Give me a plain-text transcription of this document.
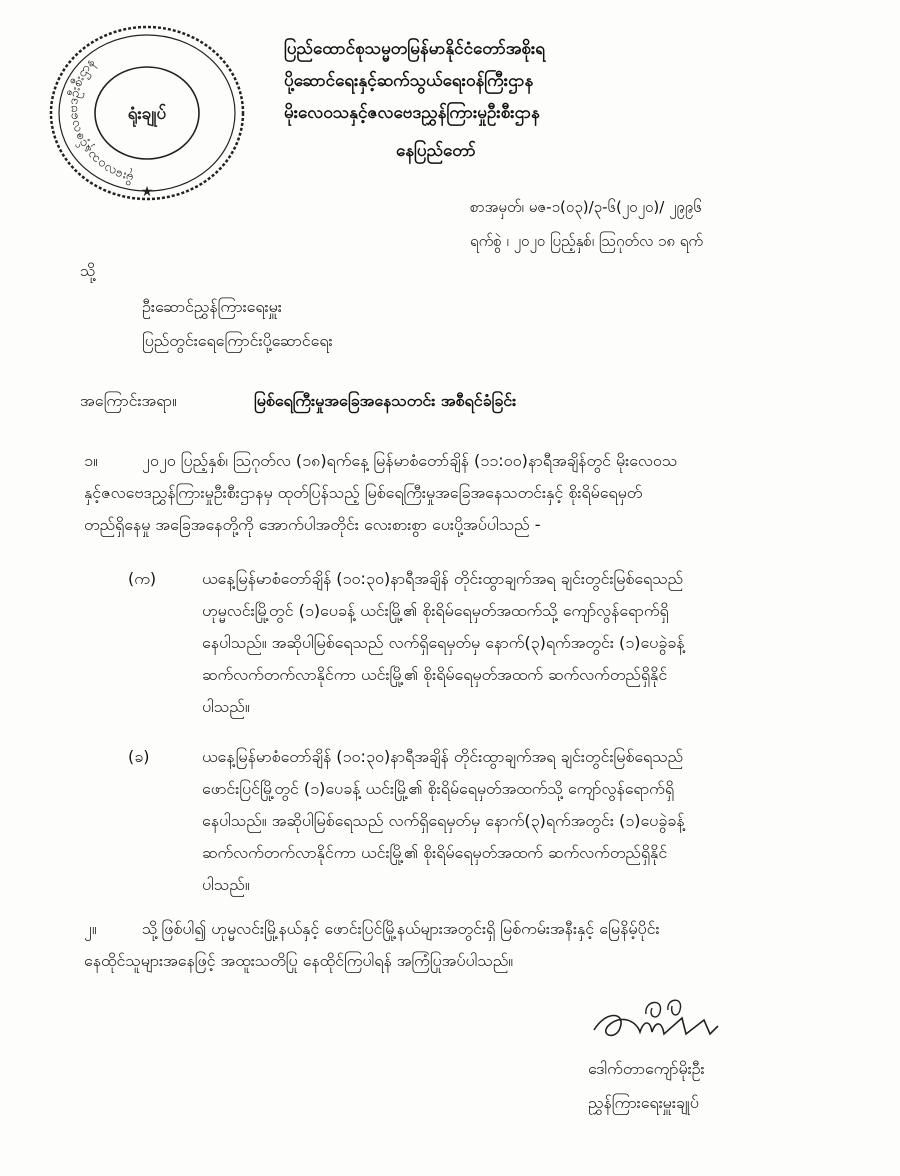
မိုးလေဝသနှင့်ဇလဗေဒဦးစီးဌာန
ရုံးချုပ်
★
ပြည်ထောင်စုသမ္မတမြန်မာနိုင်ငံတော်အစိုးရ
ပို့ဆောင်ရေးနှင့်ဆက်သွယ်ရေးဝန်ကြီးဌာန
မိုးလေဝသနှင့်ဇလဗေဒညွှန်ကြားမှုဦးစီးဌာန
နေပြည်တော်
စာအမှတ်၊ မဇ-၁(၀၃)/၃-၆(၂၀၂၀)/ ၂၉၉၆
ရက်စွဲ ၊ ၂၀၂၀ ပြည့်နှစ်၊ ဩဂုတ်လ ၁၈ ရက်
သို့
ဦးဆောင်ညွှန်ကြားရေးမှူး
ပြည်တွင်းရေကြောင်းပို့ဆောင်ရေး
အကြောင်းအရာ။	မြစ်ရေကြီးမှုအခြေအနေသတင်း အစီရင်ခံခြင်း
၁။	၂၀၂၀ ပြည့်နှစ်၊ ဩဂုတ်လ (၁၈)ရက်နေ့ မြန်မာစံတော်ချိန် (၁၁:၀၀)နာရီအချိန်တွင် မိုးလေဝသ
နှင့်ဇလဗေဒညွှန်ကြားမှုဦးစီးဌာနမှ ထုတ်ပြန်သည့် မြစ်ရေကြီးမှုအခြေအနေသတင်းနှင့် စိုးရိမ်ရေမှတ်
တည်ရှိနေမှု အခြေအနေတို့ကို အောက်ပါအတိုင်း လေးစားစွာ ပေးပို့အပ်ပါသည် -
(က)	ယနေ့မြန်မာစံတော်ချိန် (၁၀:၃၀)နာရီအချိန် တိုင်းထွာချက်အရ ချင်းတွင်းမြစ်ရေသည်
ဟုမ္မလင်းမြို့တွင် (၁)ပေခန့် ယင်းမြို့၏ စိုးရိမ်ရေမှတ်အထက်သို့ ကျော်လွန်ရောက်ရှိ
နေပါသည်။ အဆိုပါမြစ်ရေသည် လက်ရှိရေမှတ်မှ နောက်(၃)ရက်အတွင်း (၁)ပေခွဲခန့်
ဆက်လက်တက်လာနိုင်ကာ ယင်းမြို့၏ စိုးရိမ်ရေမှတ်အထက် ဆက်လက်တည်ရှိနိုင်
ပါသည်။
(ခ)	ယနေ့မြန်မာစံတော်ချိန် (၁၀:၃၀)နာရီအချိန် တိုင်းထွာချက်အရ ချင်းတွင်းမြစ်ရေသည်
ဖောင်းပြင်မြို့တွင် (၁)ပေခန့် ယင်းမြို့၏ စိုးရိမ်ရေမှတ်အထက်သို့ ကျော်လွန်ရောက်ရှိ
နေပါသည်။ အဆိုပါမြစ်ရေသည် လက်ရှိရေမှတ်မှ နောက်(၃)ရက်အတွင်း (၁)ပေခွဲခန့်
ဆက်လက်တက်လာနိုင်ကာ ယင်းမြို့၏ စိုးရိမ်ရေမှတ်အထက် ဆက်လက်တည်ရှိနိုင်
ပါသည်။
၂။	သို့ဖြစ်ပါ၍ ဟုမ္မလင်းမြို့နယ်နှင့် ဖောင်းပြင်မြို့နယ်များအတွင်းရှိ မြစ်ကမ်းအနီးနှင့် မြေနိမ့်ပိုင်း
နေထိုင်သူများအနေဖြင့် အထူးသတိပြု နေထိုင်ကြပါရန် အကြံပြုအပ်ပါသည်။
ဒေါက်တာကျော်မိုးဦး
ညွှန်ကြားရေးမှူးချုပ်
